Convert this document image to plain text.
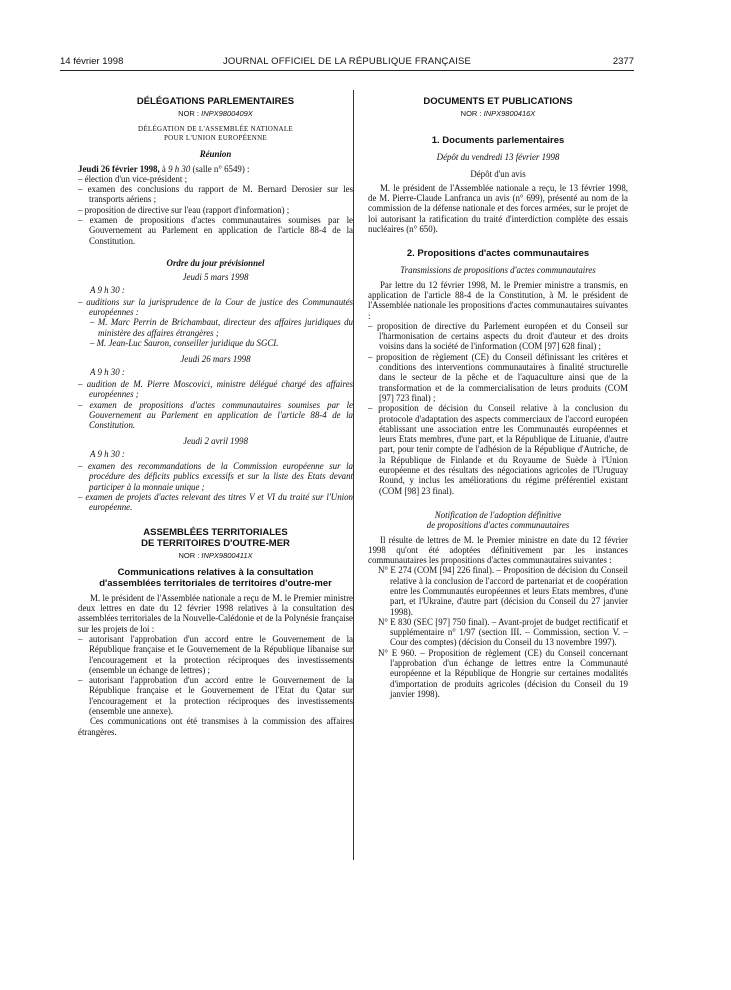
14 février 1998	JOURNAL OFFICIEL DE LA RÉPUBLIQUE FRANÇAISE	2377
DÉLÉGATIONS PARLEMENTAIRES
NOR : INPX9800409X
DÉLÉGATION DE L'ASSEMBLÉE NATIONALE
POUR L'UNION EUROPÉENNE
Réunion
Jeudi 26 février 1998, à 9 h 30 (salle n° 6549) :
– élection d'un vice-président ;
– examen des conclusions du rapport de M. Bernard Derosier sur les transports aériens ;
– proposition de directive sur l'eau (rapport d'information) ;
– examen de propositions d'actes communautaires soumises par le Gouvernement au Parlement en application de l'article 88-4 de la Constitution.
Ordre du jour prévisionnel
Jeudi 5 mars 1998
A 9 h 30 :
– auditions sur la jurisprudence de la Cour de justice des Communautés européennes :
– M. Marc Perrin de Brichambaut, directeur des affaires juridiques du ministère des affaires étrangères ;
– M. Jean-Luc Sauron, conseiller juridique du SGCI.
Jeudi 26 mars 1998
A 9 h 30 :
– audition de M. Pierre Moscovici, ministre délégué chargé des affaires européennes ;
– examen de propositions d'actes communautaires soumises par le Gouvernement au Parlement en application de l'article 88-4 de la Constitution.
Jeudi 2 avril 1998
A 9 h 30 :
– examen des recommandations de la Commission européenne sur la procédure des déficits publics excessifs et sur la liste des Etats devant participer à la monnaie unique ;
– examen de projets d'actes relevant des titres V et VI du traité sur l'Union européenne.
ASSEMBLÉES TERRITORIALES
DE TERRITOIRES D'OUTRE-MER
NOR : INPX9800411X
Communications relatives à la consultation
d'assemblées territoriales de territoires d'outre-mer
M. le président de l'Assemblée nationale a reçu de M. le Premier ministre deux lettres en date du 12 février 1998 relatives à la consultation des assemblées territoriales de la Nouvelle-Calédonie et de la Polynésie française sur les projets de loi :
– autorisant l'approbation d'un accord entre le Gouvernement de la République française et le Gouvernement de la République libanaise sur l'encouragement et la protection réciproques des investissements (ensemble un échange de lettres) ;
– autorisant l'approbation d'un accord entre le Gouvernement de la République française et le Gouvernement de l'Etat du Qatar sur l'encouragement et la protection réciproques des investissements (ensemble une annexe).
Ces communications ont été transmises à la commission des affaires étrangères.
DOCUMENTS ET PUBLICATIONS
NOR : INPX9800416X
1. Documents parlementaires
Dépôt du vendredi 13 février 1998
Dépôt d'un avis
M. le président de l'Assemblée nationale a reçu, le 13 février 1998, de M. Pierre-Claude Lanfranca un avis (n° 699), présenté au nom de la commission de la défense nationale et des forces armées, sur le projet de loi autorisant la ratification du traité d'interdiction complète des essais nucléaires (n° 650).
2. Propositions d'actes communautaires
Transmissions de propositions d'actes communautaires
Par lettre du 12 février 1998, M. le Premier ministre a transmis, en application de l'article 88-4 de la Constitution, à M. le président de l'Assemblée nationale les propositions d'actes communautaires suivantes :
– proposition de directive du Parlement européen et du Conseil sur l'harmonisation de certains aspects du droit d'auteur et des droits voisins dans la société de l'information (COM [97] 628 final) ;
– proposition de règlement (CE) du Conseil définissant les critères et conditions des interventions communautaires à finalité structurelle dans le secteur de la pêche et de l'aquaculture ainsi que de la transformation et de la commercialisation de leurs produits (COM [97] 723 final) ;
– proposition de décision du Conseil relative à la conclusion du protocole d'adaptation des aspects commerciaux de l'accord européen établissant une association entre les Communautés européennes et leurs Etats membres, d'une part, et la République de Lituanie, d'autre part, pour tenir compte de l'adhésion de la République d'Autriche, de la République de Finlande et du Royaume de Suède à l'Union européenne et des résultats des négociations agricoles de l'Uruguay Round, y inclus les améliorations du régime préférentiel existant (COM [98] 23 final).
Notification de l'adoption définitive
de propositions d'actes communautaires
Il résulte de lettres de M. le Premier ministre en date du 12 février 1998 qu'ont été adoptées définitivement par les instances communautaires les propositions d'actes communautaires suivantes :
N° E 274 (COM [94] 226 final). – Proposition de décision du Conseil relative à la conclusion de l'accord de partenariat et de coopération entre les Communautés européennes et leurs Etats membres, d'une part, et l'Ukraine, d'autre part (décision du Conseil du 27 janvier 1998).
N° E 830 (SEC [97] 750 final). – Avant-projet de budget rectificatif et supplémentaire n° 1/97 (section III. – Commission, section V. – Cour des comptes) (décision du Conseil du 13 novembre 1997).
N° E 960. – Proposition de règlement (CE) du Conseil concernant l'approbation d'un échange de lettres entre la Communauté européenne et la République de Hongrie sur certaines modalités d'importation de produits agricoles (décision du Conseil du 19 janvier 1998).
